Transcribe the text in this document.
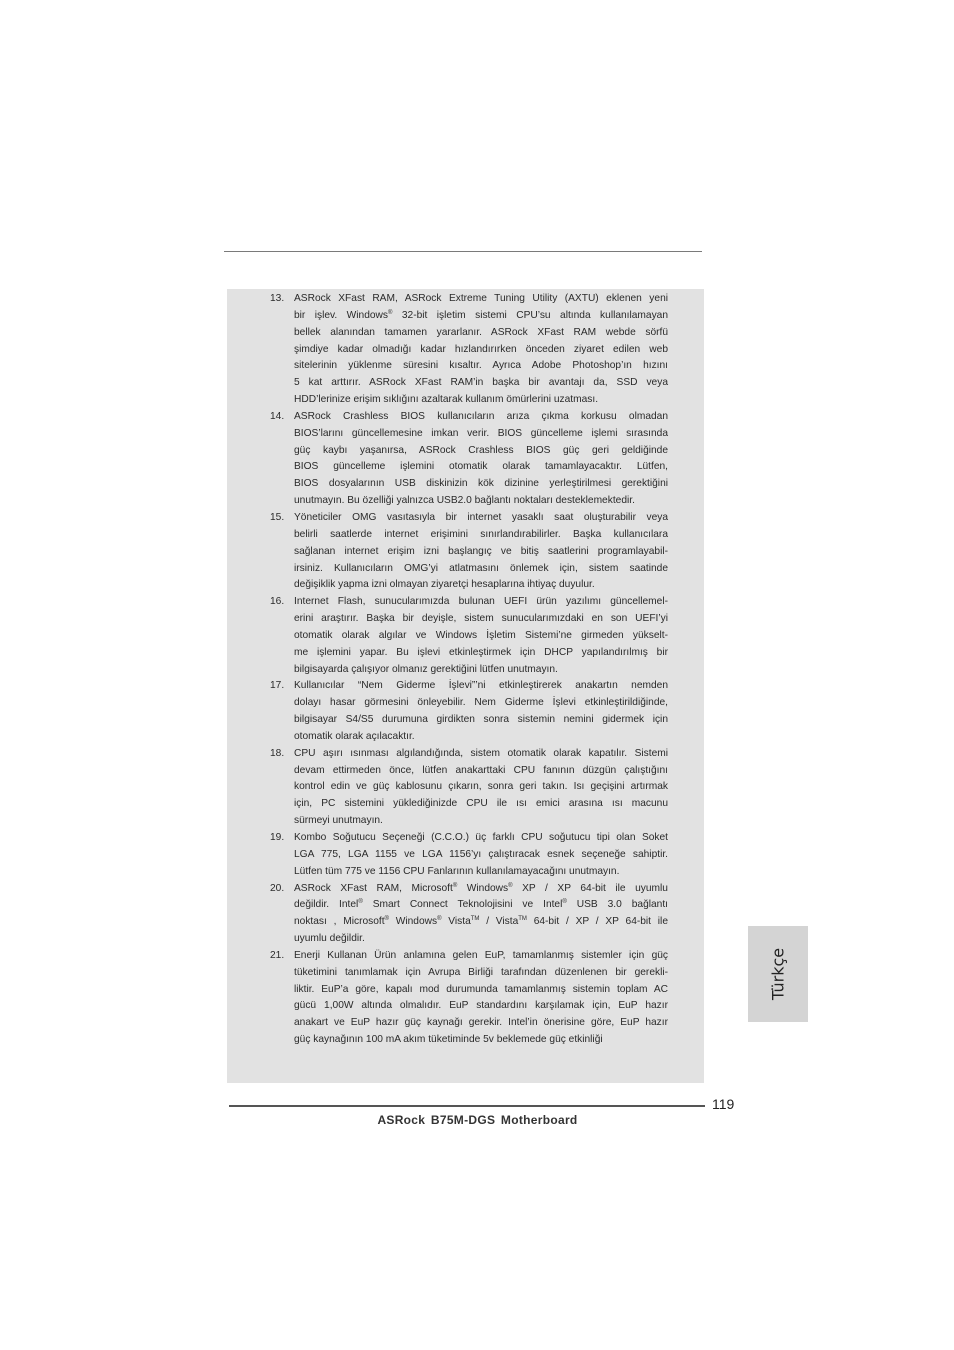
13. ASRock XFast RAM, ASRock Extreme Tuning Utility (AXTU) eklenen yeni
bir işlev. Windows® 32-bit işletim sistemi CPU’su altında kullanılamayan
bellek alanından tamamen yararlanır. ASRock XFast RAM webde sörfü
şimdiye kadar olmadığı kadar hızlandırırken önceden ziyaret edilen web
sitelerinin yüklenme süresini kısaltır. Ayrıca Adobe Photoshop’ın hızını
5 kat arttırır. ASRock XFast RAM’in başka bir avantajı da, SSD veya
HDD’lerinize erişim sıklığını azaltarak kullanım ömürlerini uzatması.
14. ASRock Crashless BIOS kullanıcıların arıza çıkma korkusu olmadan
BIOS’larını güncellemesine imkan verir. BIOS güncelleme işlemi sırasında
güç kaybı yaşanırsa, ASRock Crashless BIOS güç geri geldiğinde
BIOS güncelleme işlemini otomatik olarak tamamlayacaktır. Lütfen,
BIOS dosyalarının USB diskinizin kök dizinine yerleştirilmesi gerektiğini
unutmayın. Bu özelliği yalnızca USB2.0 bağlantı noktaları desteklemektedir.
15. Yöneticiler OMG vasıtasıyla bir internet yasaklı saat oluşturabilir veya
belirli saatlerde internet erişimini sınırlandırabilirler. Başka kullanıcılara
sağlanan internet erişim izni başlangıç ve bitiş saatlerini programlayabil-
irsiniz. Kullanıcıların OMG’yi atlatmasını önlemek için, sistem saatinde
değişiklik yapma izni olmayan ziyaretçi hesaplarına ihtiyaç duyulur.
16. Internet Flash, sunucularımızda bulunan UEFI ürün yazılımı güncellemel-
erini araştırır. Başka bir deyişle, sistem sunucularımızdaki en son UEFI’yi
otomatik olarak algılar ve Windows İşletim Sistemi’ne girmeden yükselt-
me işlemini yapar. Bu işlevi etkinleştirmek için DHCP yapılandırılmış bir
bilgisayarda çalışıyor olmanız gerektiğini lütfen unutmayın.
17. Kullanıcılar “Nem Giderme İşlevi”’ni etkinleştirerek anakartın nemden
dolayı hasar görmesini önleyebilir. Nem Giderme İşlevi etkinleştirildiğinde,
bilgisayar S4/S5 durumuna girdikten sonra sistemin nemini gidermek için
otomatik olarak açılacaktır.
18. CPU aşırı ısınması algılandığında, sistem otomatik olarak kapatılır. Sistemi
devam ettirmeden önce, lütfen anakarttaki CPU fanının düzgün çalıştığını
kontrol edin ve güç kablosunu çıkarın, sonra geri takın. Isı geçişini artırmak
için, PC sistemini yüklediğinizde CPU ile ısı emici arasına ısı macunu
sürmeyi unutmayın.
19. Kombo Soğutucu Seçeneği (C.C.O.) üç farklı CPU soğutucu tipi olan Soket
LGA 775, LGA 1155 ve LGA 1156’yı çalıştıracak esnek seçeneğe sahiptir.
Lütfen tüm 775 ve 1156 CPU Fanlarının kullanılamayacağını unutmayın.
20. ASRock XFast RAM, Microsoft® Windows® XP / XP 64-bit ile uyumlu
değildir. Intel® Smart Connect Teknolojisini ve Intel® USB 3.0 bağlantı
noktası , Microsoft® Windows® Vista™ / Vista™ 64-bit / XP / XP 64-bit ile
uyumlu değildir.
21. Enerji Kullanan Ürün anlamına gelen EuP, tamamlanmış sistemler için güç
tüketimini tanımlamak için Avrupa Birliği tarafından düzenlenen bir gerekli-
liktir. EuP’a göre, kapalı mod durumunda tamamlanmış sistemin toplam AC
gücü 1,00W altında olmalıdır. EuP standardını karşılamak için, EuP hazır
anakart ve EuP hazır güç kaynağı gerekir. Intel’in önerisine göre, EuP hazır
güç kaynağının 100 mA akım tüketiminde 5v beklemede güç etkinliği
Türkçe
119
ASRock B75M-DGS Motherboard
